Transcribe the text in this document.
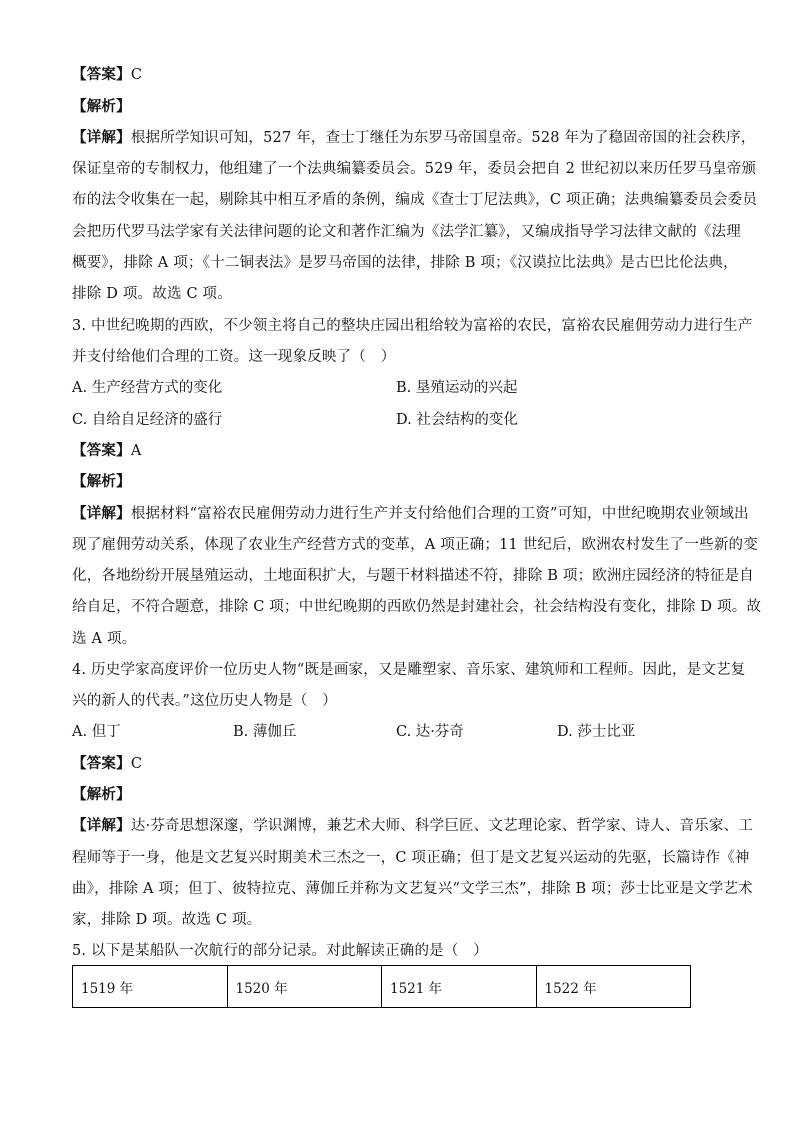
【答案】C
【解析】
【详解】根据所学知识可知，527 年，查士丁继任为东罗马帝国皇帝。528 年为了稳固帝国的社会秩序，
保证皇帝的专制权力，他组建了一个法典编纂委员会。529 年，委员会把自 2 世纪初以来历任罗马皇帝颁
布的法令收集在一起，剔除其中相互矛盾的条例，编成《查士丁尼法典》，C 项正确；法典编纂委员会委员
会把历代罗马法学家有关法律问题的论文和著作汇编为《法学汇纂》，又编成指导学习法律文献的《法理
概要》，排除 A 项；《十二铜表法》是罗马帝国的法律，排除 B 项；《汉谟拉比法典》是古巴比伦法典，
排除 D 项。故选 C 项。
3. 中世纪晚期的西欧，不少领主将自己的整块庄园出租给较为富裕的农民，富裕农民雇佣劳动力进行生产
并支付给他们合理的工资。这一现象反映了（　）
A. 生产经营方式的变化	B. 垦殖运动的兴起
C. 自给自足经济的盛行	D. 社会结构的变化
【答案】A
【解析】
【详解】根据材料“富裕农民雇佣劳动力进行生产并支付给他们合理的工资”可知，中世纪晚期农业领域出
现了雇佣劳动关系，体现了农业生产经营方式的变革，A 项正确；11 世纪后，欧洲农村发生了一些新的变
化，各地纷纷开展垦殖运动，土地面积扩大，与题干材料描述不符，排除 B 项；欧洲庄园经济的特征是自
给自足，不符合题意，排除 C 项；中世纪晚期的西欧仍然是封建社会，社会结构没有变化，排除 D 项。故
选 A 项。
4. 历史学家高度评价一位历史人物“既是画家，又是雕塑家、音乐家、建筑师和工程师。因此，是文艺复
兴的新人的代表。”这位历史人物是（　）
A. 但丁	B. 薄伽丘	C. 达·芬奇	D. 莎士比亚
【答案】C
【解析】
【详解】达·芬奇思想深邃，学识渊博，兼艺术大师、科学巨匠、文艺理论家、哲学家、诗人、音乐家、工
程师等于一身，他是文艺复兴时期美术三杰之一，C 项正确；但丁是文艺复兴运动的先驱，长篇诗作《神
曲》，排除 A 项；但丁、彼特拉克、薄伽丘并称为文艺复兴“文学三杰”，排除 B 项；莎士比亚是文学艺术
家，排除 D 项。故选 C 项。
5. 以下是某船队一次航行的部分记录。对此解读正确的是（　）
1519 年	1520 年	1521 年	1522 年
